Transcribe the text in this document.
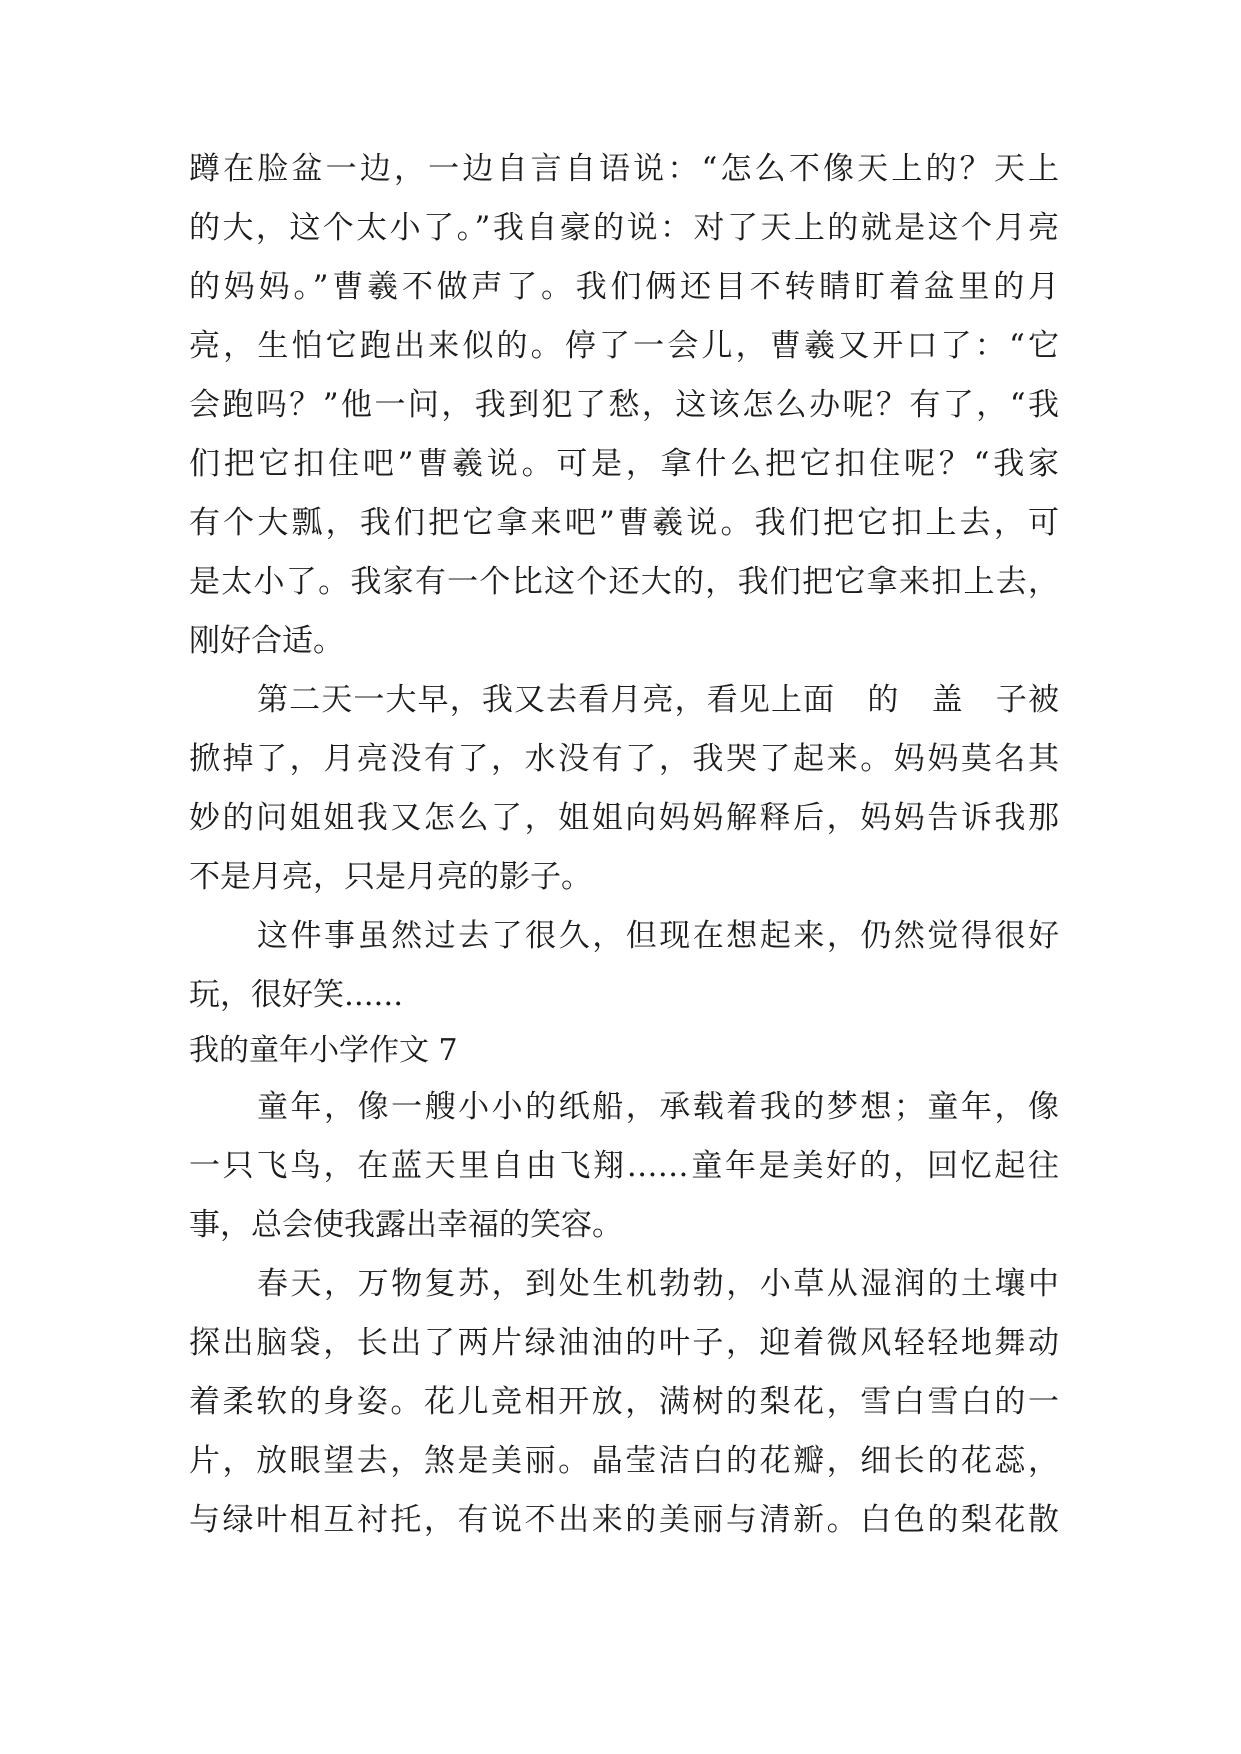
蹲在脸盆一边，一边自言自语说：“怎么不像天上的？天上
的大，这个太小了。”我自豪的说：对了天上的就是这个月亮
的妈妈。”曹羲不做声了。我们俩还目不转睛盯着盆里的月
亮，生怕它跑出来似的。停了一会儿，曹羲又开口了：“它
会跑吗？”他一问，我到犯了愁，这该怎么办呢？有了，“我
们把它扣住吧”曹羲说。可是，拿什么把它扣住呢？“我家
有个大瓢，我们把它拿来吧”曹羲说。我们把它扣上去，可
是太小了。我家有一个比这个还大的，我们把它拿来扣上去，
刚好合适。
第二天一大早，我又去看月亮，看见上面　的　盖　子被
掀掉了，月亮没有了，水没有了，我哭了起来。妈妈莫名其
妙的问姐姐我又怎么了，姐姐向妈妈解释后，妈妈告诉我那
不是月亮，只是月亮的影子。
这件事虽然过去了很久，但现在想起来，仍然觉得很好
玩，很好笑......
我的童年小学作文 7
童年，像一艘小小的纸船，承载着我的梦想；童年，像
一只飞鸟，在蓝天里自由飞翔……童年是美好的，回忆起往
事，总会使我露出幸福的笑容。
春天，万物复苏，到处生机勃勃，小草从湿润的土壤中
探出脑袋，长出了两片绿油油的叶子，迎着微风轻轻地舞动
着柔软的身姿。花儿竞相开放，满树的梨花，雪白雪白的一
片，放眼望去，煞是美丽。晶莹洁白的花瓣，细长的花蕊，
与绿叶相互衬托，有说不出来的美丽与清新。白色的梨花散
